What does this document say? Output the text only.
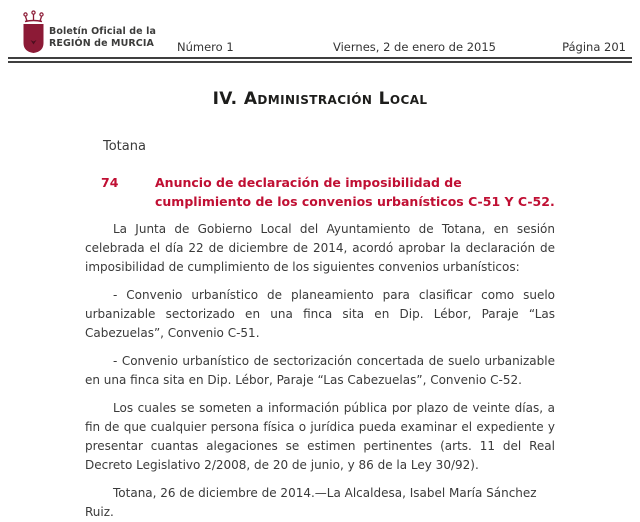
Boletín Oficial de la
REGIÓN de MURCIA Número 1	Viernes, 2 de enero de 2015	Página 201
IV. Administración Local
Totana
74	Anuncio de declaración de imposibilidad de cumplimiento de los convenios urbanísticos C-51 Y C-52.

La Junta de Gobierno Local del Ayuntamiento de Totana, en sesión celebrada el día 22 de diciembre de 2014, acordó aprobar la declaración de imposibilidad de cumplimiento de los siguientes convenios urbanísticos:

- Convenio urbanístico de planeamiento para clasificar como suelo urbanizable sectorizado en una finca sita en Dip. Lébor, Paraje “Las Cabezuelas”, Convenio C-51.

- Convenio urbanístico de sectorización concertada de suelo urbanizable en una finca sita en Dip. Lébor, Paraje “Las Cabezuelas”, Convenio C-52.

Los cuales se someten a información pública por plazo de veinte días, a fin de que cualquier persona física o jurídica pueda examinar el expediente y presentar cuantas alegaciones se estimen pertinentes (arts. 11 del Real Decreto Legislativo 2/2008, de 20 de junio, y 86 de la Ley 30/92).

Totana, 26 de diciembre de 2014.—La Alcaldesa, Isabel María Sánchez Ruiz.
